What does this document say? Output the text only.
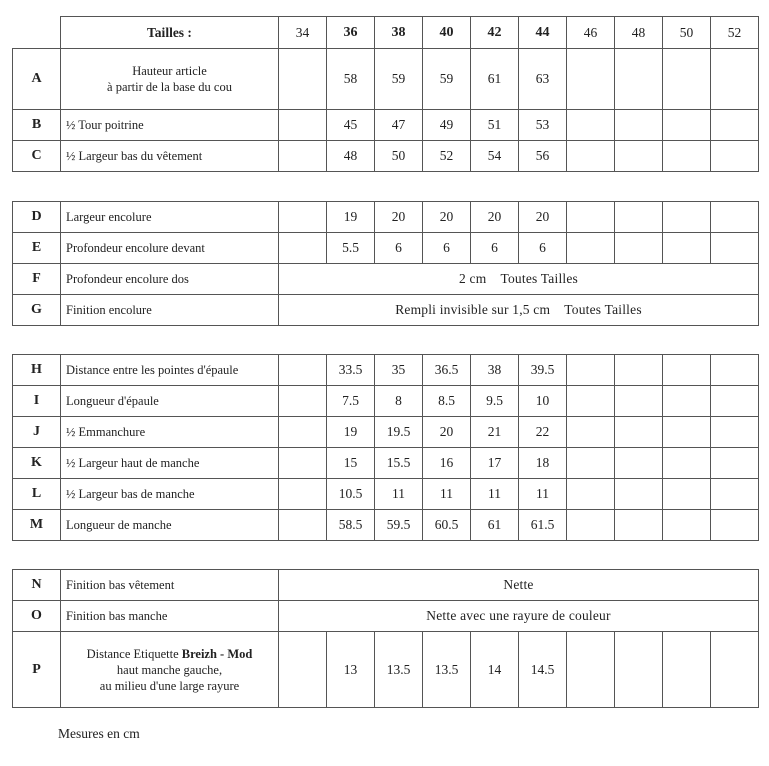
	Tailles :	34	36	38	40	42	44	46	48	50	52
A	Hauteur article
à partir de la base du cou		58	59	59	61	63				
B	½ Tour poitrine		45	47	49	51	53				
C	½ Largeur bas du vêtement		48	50	52	54	56				
D	Largeur encolure		19	20	20	20	20				
E	Profondeur encolure devant		5.5	6	6	6	6				
F	Profondeur encolure dos	2 cm    Toutes Tailles									
G	Finition encolure	Rempli invisible sur 1,5 cm    Toutes Tailles									
H	Distance entre les pointes d'épaule		33.5	35	36.5	38	39.5				
I	Longueur d'épaule		7.5	8	8.5	9.5	10				
J	½ Emmanchure		19	19.5	20	21	22				
K	½ Largeur haut de manche		15	15.5	16	17	18				
L	½ Largeur bas de manche		10.5	11	11	11	11				
M	Longueur de manche		58.5	59.5	60.5	61	61.5				
N	Finition bas vêtement	Nette									
O	Finition bas manche	Nette avec une rayure de couleur									
P	Distance Etiquette Breizh - Mod
haut manche gauche,
au milieu d'une large rayure		13	13.5	13.5	14	14.5				
Mesures en cm
